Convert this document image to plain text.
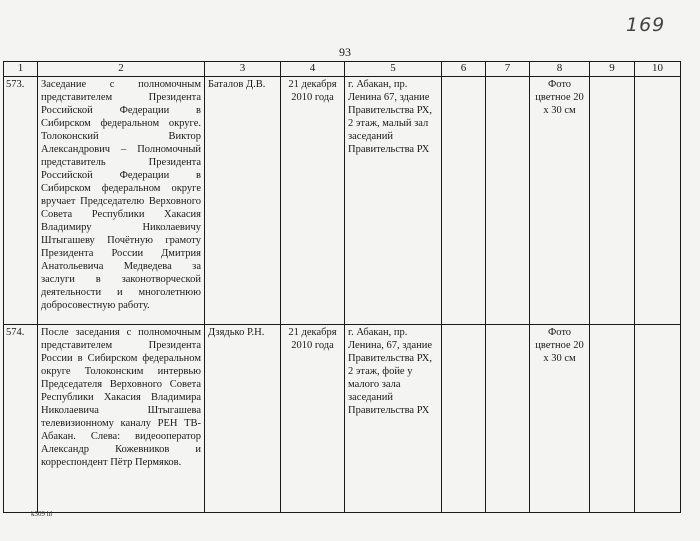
169
93
1	2	3	4	5	6	7	8	9	10
573.	Заседание с полномочным представителем Президента Российской Федерации в Сибирском федеральном округе. Толоконский Виктор Александрович – Полномочный представитель Президента Российской Федерации в Сибирском федеральном округе вручает Председателю Верховного Совета Республики Хакасия Владимиру Николаевичу Штыгашеву Почётную грамоту Президента России Дмитрия Анатольевича Медведева за заслуги в законотворческой деятельности и многолетнюю добросовестную работу.	Баталов Д.В.	21 декабря 2010 года	г. Абакан, пр. Ленина 67, здание Правительства РХ, 2 этаж, малый зал заседаний Правительства РХ			Фото цветное 20 х 30 см		
574.	После заседания с полномочным представителем Президента России в Сибирском федеральном округе Толоконским интервью Председателя Верховного Совета Республики Хакасия Владимира Николаевича Штыгашева телевизионному каналу РЕН ТВ-Абакан. Слева: видеооператор Александр Кожевников и корреспондент Пётр Пермяков.	Дзядько Р.Н.	21 декабря 2010 года	г. Абакан, пр. Ленина, 67, здание Правительства РХ, 2 этаж, фойе у малого зала заседаний Правительства РХ			Фото цветное 20 х 30 см		
k309 hl
